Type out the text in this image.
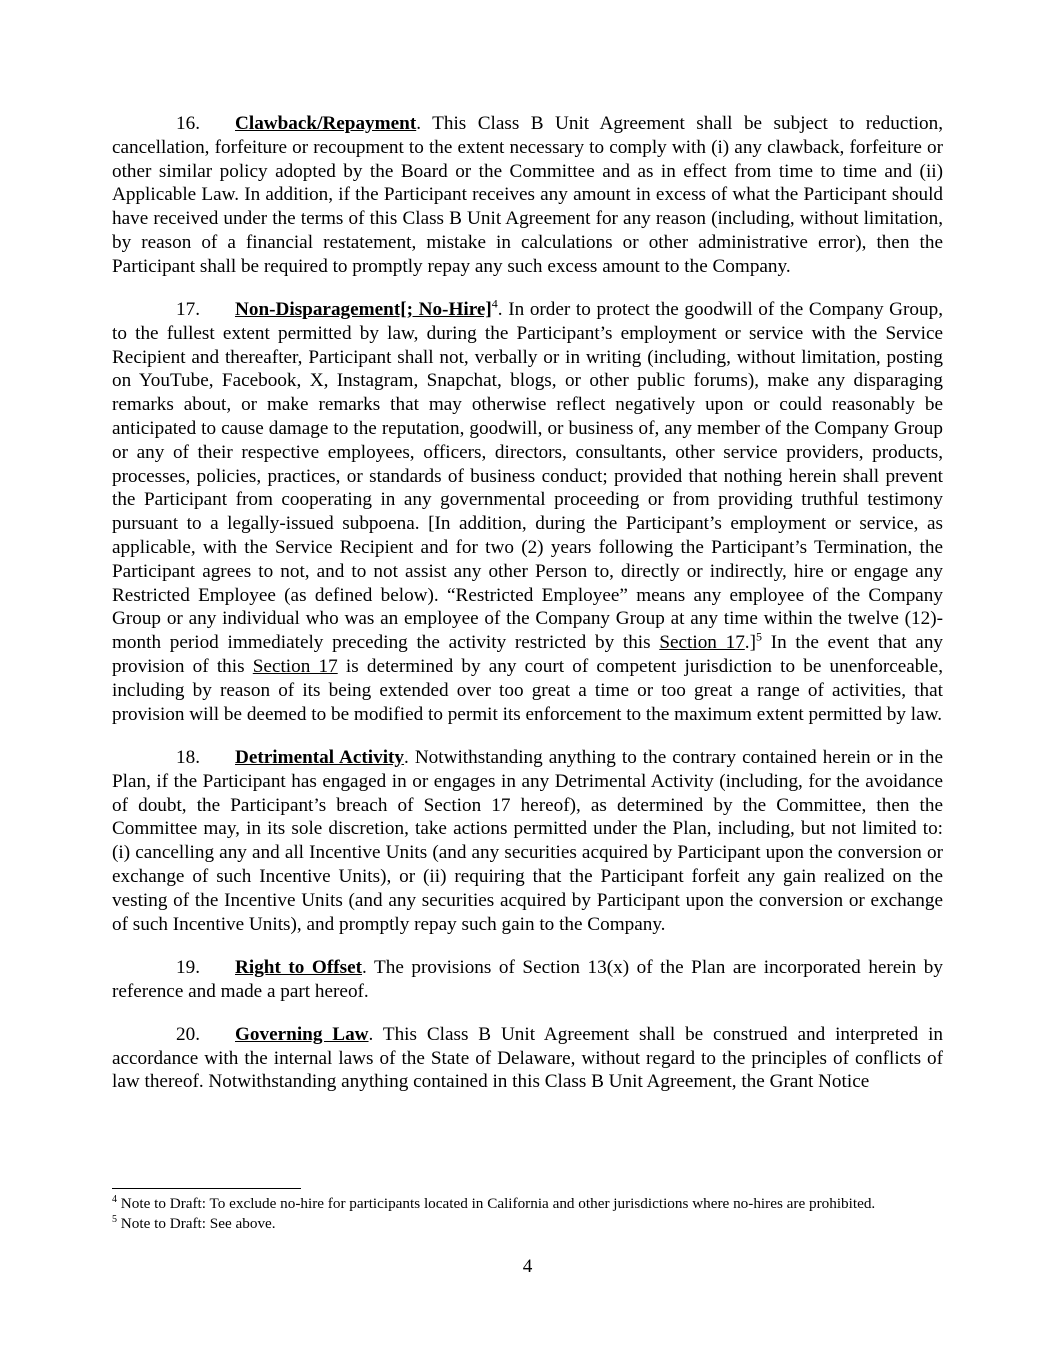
16. Clawback/Repayment. This Class B Unit Agreement shall be subject to reduction, cancellation, forfeiture or recoupment to the extent necessary to comply with (i) any clawback, forfeiture or other similar policy adopted by the Board or the Committee and as in effect from time to time and (ii) Applicable Law. In addition, if the Participant receives any amount in excess of what the Participant should have received under the terms of this Class B Unit Agreement for any reason (including, without limitation, by reason of a financial restatement, mistake in calculations or other administrative error), then the Participant shall be required to promptly repay any such excess amount to the Company.

17. Non-Disparagement[; No-Hire]$^4$. In order to protect the goodwill of the Company Group, to the fullest extent permitted by law, during the Participant’s employment or service with the Service Recipient and thereafter, Participant shall not, verbally or in writing (including, without limitation, posting on YouTube, Facebook, X, Instagram, Snapchat, blogs, or other public forums), make any disparaging remarks about, or make remarks that may otherwise reflect negatively upon or could reasonably be anticipated to cause damage to the reputation, goodwill, or business of, any member of the Company Group or any of their respective employees, officers, directors, consultants, other service providers, products, processes, policies, practices, or standards of business conduct; provided that nothing herein shall prevent the Participant from cooperating in any governmental proceeding or from providing truthful testimony pursuant to a legally-issued subpoena. [In addition, during the Participant’s employment or service, as applicable, with the Service Recipient and for two (2) years following the Participant’s Termination, the Participant agrees to not, and to not assist any other Person to, directly or indirectly, hire or engage any Restricted Employee (as defined below). “Restricted Employee” means any employee of the Company Group or any individual who was an employee of the Company Group at any time within the twelve (12)-month period immediately preceding the activity restricted by this Section 17.]$^5$ In the event that any provision of this Section 17 is determined by any court of competent jurisdiction to be unenforceable, including by reason of its being extended over too great a time or too great a range of activities, that provision will be deemed to be modified to permit its enforcement to the maximum extent permitted by law.

18. Detrimental Activity. Notwithstanding anything to the contrary contained herein or in the Plan, if the Participant has engaged in or engages in any Detrimental Activity (including, for the avoidance of doubt, the Participant’s breach of Section 17 hereof), as determined by the Committee, then the Committee may, in its sole discretion, take actions permitted under the Plan, including, but not limited to: (i) cancelling any and all Incentive Units (and any securities acquired by Participant upon the conversion or exchange of such Incentive Units), or (ii) requiring that the Participant forfeit any gain realized on the vesting of the Incentive Units (and any securities acquired by Participant upon the conversion or exchange of such Incentive Units), and promptly repay such gain to the Company.

19. Right to Offset. The provisions of Section 13(x) of the Plan are incorporated herein by reference and made a part hereof.

20. Governing Law. This Class B Unit Agreement shall be construed and interpreted in accordance with the internal laws of the State of Delaware, without regard to the principles of conflicts of law thereof. Notwithstanding anything contained in this Class B Unit Agreement, the Grant Notice

$^4$ Note to Draft: To exclude no-hire for participants located in California and other jurisdictions where no-hires are prohibited.

$^5$ Note to Draft: See above.

4
